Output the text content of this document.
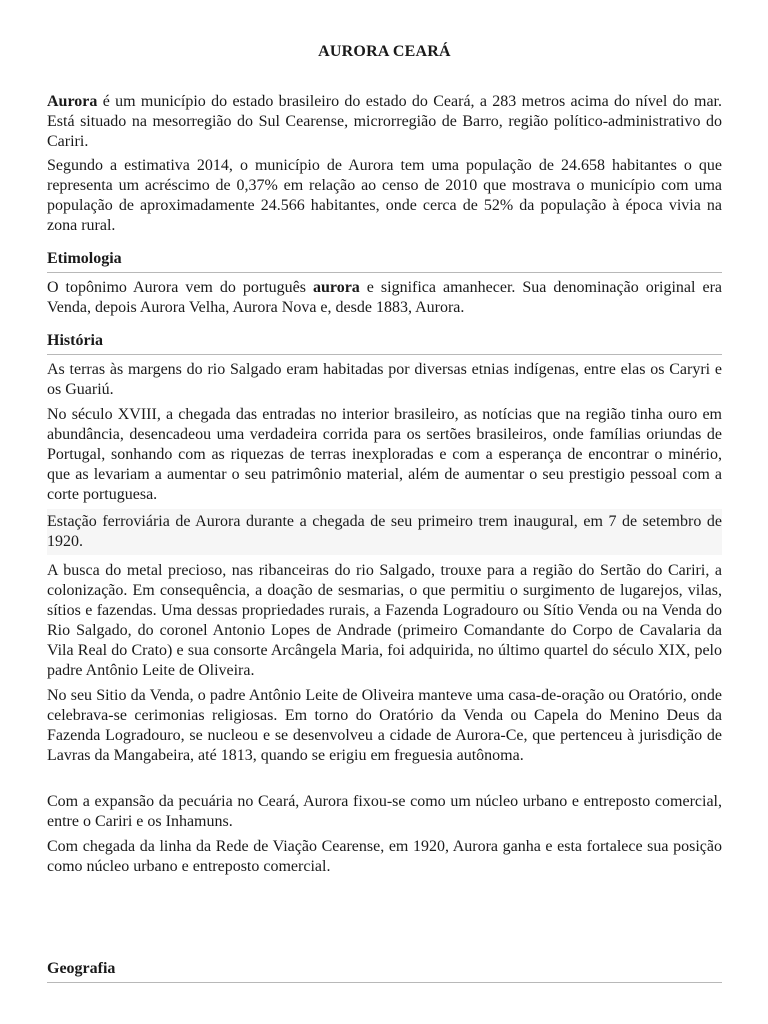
AURORA CEARÁ

Aurora é um município do estado brasileiro do estado do Ceará, a 283 metros acima do nível do mar. Está situado na mesorregião do Sul Cearense, microrregião de Barro, região político-administrativo do Cariri.

Segundo a estimativa 2014, o município de Aurora tem uma população de 24.658 habitantes o que representa um acréscimo de 0,37% em relação ao censo de 2010 que mostrava o município com uma população de aproximadamente 24.566 habitantes, onde cerca de 52% da população à época vivia na zona rural.

Etimologia

O topônimo Aurora vem do português aurora e significa amanhecer. Sua denominação original era Venda, depois Aurora Velha, Aurora Nova e, desde 1883, Aurora.

História

As terras às margens do rio Salgado eram habitadas por diversas etnias indígenas, entre elas os Caryri e os Guariú.

No século XVIII, a chegada das entradas no interior brasileiro, as notícias que na região tinha ouro em abundância, desencadeou uma verdadeira corrida para os sertões brasileiros, onde famílias oriundas de Portugal, sonhando com as riquezas de terras inexploradas e com a esperança de encontrar o minério, que as levariam a aumentar o seu patrimônio material, além de aumentar o seu prestigio pessoal com a corte portuguesa.

Estação ferroviária de Aurora durante a chegada de seu primeiro trem inaugural, em 7 de setembro de 1920.

A busca do metal precioso, nas ribanceiras do rio Salgado, trouxe para a região do Sertão do Cariri, a colonização. Em consequência, a doação de sesmarias, o que permitiu o surgimento de lugarejos, vilas, sítios e fazendas. Uma dessas propriedades rurais, a Fazenda Logradouro ou Sítio Venda ou na Venda do Rio Salgado, do coronel Antonio Lopes de Andrade (primeiro Comandante do Corpo de Cavalaria da Vila Real do Crato) e sua consorte Arcângela Maria, foi adquirida, no último quartel do século XIX, pelo padre Antônio Leite de Oliveira.

No seu Sitio da Venda, o padre Antônio Leite de Oliveira manteve uma casa-de-oração ou Oratório, onde celebrava-se cerimonias religiosas. Em torno do Oratório da Venda ou Capela do Menino Deus da Fazenda Logradouro, se nucleou e se desenvolveu a cidade de Aurora-Ce, que pertenceu à jurisdição de Lavras da Mangabeira, até 1813, quando se erigiu em freguesia autônoma.

Com a expansão da pecuária no Ceará, Aurora fixou-se como um núcleo urbano e entreposto comercial, entre o Cariri e os Inhamuns.

Com chegada da linha da Rede de Viação Cearense, em 1920, Aurora ganha e esta fortalece sua posição como núcleo urbano e entreposto comercial.

Geografia
